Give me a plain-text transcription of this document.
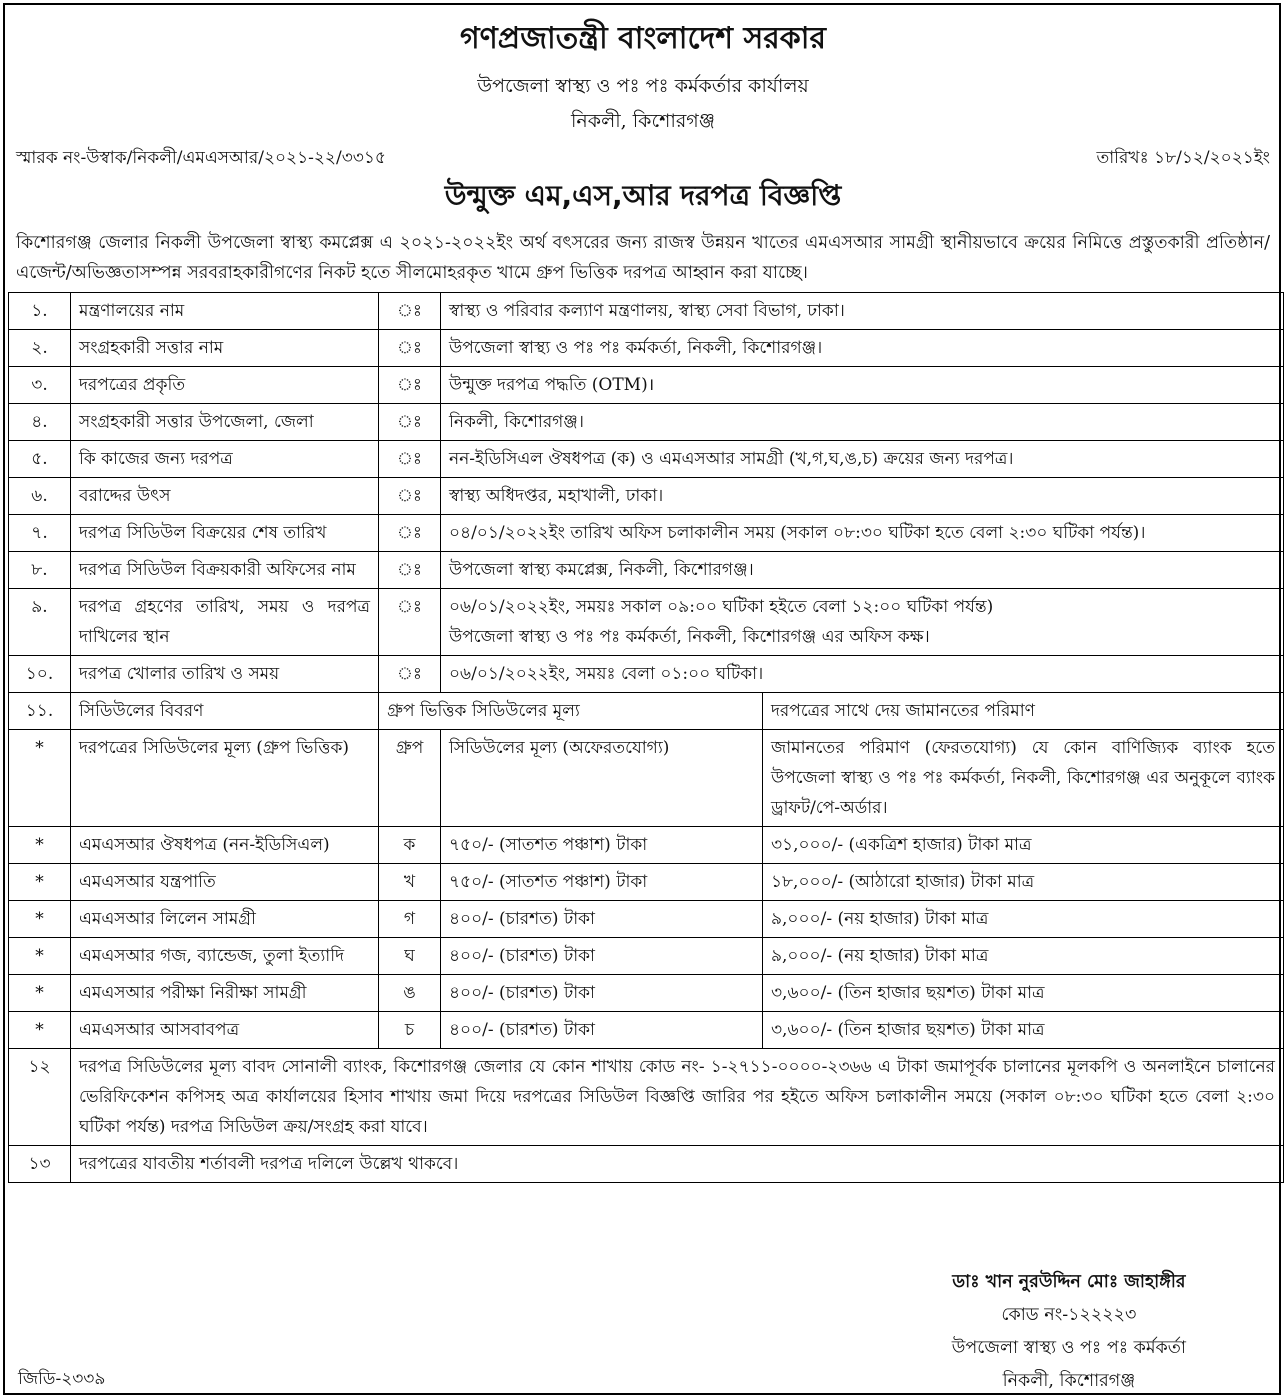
গণপ্রজাতন্ত্রী বাংলাদেশ সরকার
উপজেলা স্বাস্থ্য ও পঃ পঃ কর্মকর্তার কার্যালয়
নিকলী, কিশোরগঞ্জ
স্মারক নং-উস্বাক/নিকলী/এমএসআর/২০২১-২২/৩৩১৫	তারিখঃ ১৮/১২/২০২১ইং
উন্মুক্ত এম,এস,আর দরপত্র বিজ্ঞপ্তি
কিশোরগঞ্জ জেলার নিকলী উপজেলা স্বাস্থ্য কমপ্লেক্স এ ২০২১-২০২২ইং অর্থ বৎসরের জন্য রাজস্ব উন্নয়ন খাতের এমএসআর সামগ্রী স্থানীয়ভাবে ক্রয়ের নিমিত্তে প্রস্তুতকারী প্রতিষ্ঠান/এজেন্ট/অভিজ্ঞতাসম্পন্ন সরবরাহকারীগণের নিকট হতে সীলমোহরকৃত খামে গ্রুপ ভিত্তিক দরপত্র আহ্বান করা যাচ্ছে।
১.	মন্ত্রণালয়ের নাম	ঃ	স্বাস্থ্য ও পরিবার কল্যাণ মন্ত্রণালয়, স্বাস্থ্য সেবা বিভাগ, ঢাকা।	

২.	সংগ্রহকারী সত্তার নাম	ঃ	উপজেলা স্বাস্থ্য ও পঃ পঃ কর্মকর্তা, নিকলী, কিশোরগঞ্জ।	

৩.	দরপত্রের প্রকৃতি	ঃ	উন্মুক্ত দরপত্র পদ্ধতি (OTM)।	

৪.	সংগ্রহকারী সত্তার উপজেলা, জেলা	ঃ	নিকলী, কিশোরগঞ্জ।	

৫.	কি কাজের জন্য দরপত্র	ঃ	নন-ইডিসিএল ঔষধপত্র (ক) ও এমএসআর সামগ্রী (খ,গ,ঘ,ঙ,চ) ক্রয়ের জন্য দরপত্র।	

৬.	বরাদ্দের উৎস	ঃ	স্বাস্থ্য অধিদপ্তর, মহাখালী, ঢাকা।	

৭.	দরপত্র সিডিউল বিক্রয়ের শেষ তারিখ	ঃ	০৪/০১/২০২২ইং তারিখ অফিস চলাকালীন সময় (সকাল ০৮:৩০ ঘটিকা হতে বেলা ২:৩০ ঘটিকা পর্যন্ত)।	

৮.	দরপত্র সিডিউল বিক্রয়কারী অফিসের নাম	ঃ	উপজেলা স্বাস্থ্য কমপ্লেক্স, নিকলী, কিশোরগঞ্জ।	

৯.	দরপত্র গ্রহণের তারিখ, সময় ও দরপত্র দাখিলের স্থান	ঃ	০৬/০১/২০২২ইং, সময়ঃ সকাল ০৯:০০ ঘটিকা হইতে বেলা ১২:০০ ঘটিকা পর্যন্ত)
উপজেলা স্বাস্থ্য ও পঃ পঃ কর্মকর্তা, নিকলী, কিশোরগঞ্জ এর অফিস কক্ষ।	

১০.	দরপত্র খোলার তারিখ ও সময়	ঃ	০৬/০১/২০২২ইং, সময়ঃ বেলা ০১:০০ ঘটিকা।	

১১.	সিডিউলের বিবরণ	গ্রুপ ভিত্তিক সিডিউলের মূল্য		দরপত্রের সাথে দেয় জামানতের পরিমাণ
*	দরপত্রের সিডিউলের মূল্য (গ্রুপ ভিত্তিক)	গ্রুপ	সিডিউলের মূল্য (অফেরতযোগ্য)	জামানতের পরিমাণ (ফেরতযোগ্য) যে কোন বাণিজ্যিক ব্যাংক হতে উপজেলা স্বাস্থ্য ও পঃ পঃ কর্মকর্তা, নিকলী, কিশোরগঞ্জ এর অনুকূলে ব্যাংক ড্রাফট/পে-অর্ডার।
*	এমএসআর ঔষধপত্র (নন-ইডিসিএল)	ক	৭৫০/- (সাতশত পঞ্চাশ) টাকা	৩১,০০০/- (একত্রিশ হাজার) টাকা মাত্র
*	এমএসআর যন্ত্রপাতি	খ	৭৫০/- (সাতশত পঞ্চাশ) টাকা	১৮,০০০/- (আঠারো হাজার) টাকা মাত্র
*	এমএসআর লিলেন সামগ্রী	গ	৪০০/- (চারশত) টাকা	৯,০০০/- (নয় হাজার) টাকা মাত্র
*	এমএসআর গজ, ব্যান্ডেজ, তুলা ইত্যাদি	ঘ	৪০০/- (চারশত) টাকা	৯,০০০/- (নয় হাজার) টাকা মাত্র
*	এমএসআর পরীক্ষা নিরীক্ষা সামগ্রী	ঙ	৪০০/- (চারশত) টাকা	৩,৬০০/- (তিন হাজার ছয়শত) টাকা মাত্র
*	এমএসআর আসবাবপত্র	চ	৪০০/- (চারশত) টাকা	৩,৬০০/- (তিন হাজার ছয়শত) টাকা মাত্র
১২	দরপত্র সিডিউলের মূল্য বাবদ সোনালী ব্যাংক, কিশোরগঞ্জ জেলার যে কোন শাখায় কোড নং- ১-২৭১১-০০০০-২৩৬৬ এ টাকা জমাপূর্বক চালানের মূলকপি ও অনলাইনে চালানের ভেরিফিকেশন কপিসহ অত্র কার্যালয়ের হিসাব শাখায় জমা দিয়ে দরপত্রের সিডিউল বিজ্ঞপ্তি জারির পর হইতে অফিস চলাকালীন সময়ে (সকাল ০৮:৩০ ঘটিকা হতে বেলা ২:৩০ ঘটিকা পর্যন্ত) দরপত্র সিডিউল ক্রয়/সংগ্রহ করা যাবে।			
১৩	দরপত্রের যাবতীয় শর্তাবলী দরপত্র দলিলে উল্লেখ থাকবে।			
ডাঃ খান নুরউদ্দিন মোঃ জাহাঙ্গীর
কোড নং-১২২২২৩
উপজেলা স্বাস্থ্য ও পঃ পঃ কর্মকর্তা
নিকলী, কিশোরগঞ্জ
জিডি-২৩৩৯
